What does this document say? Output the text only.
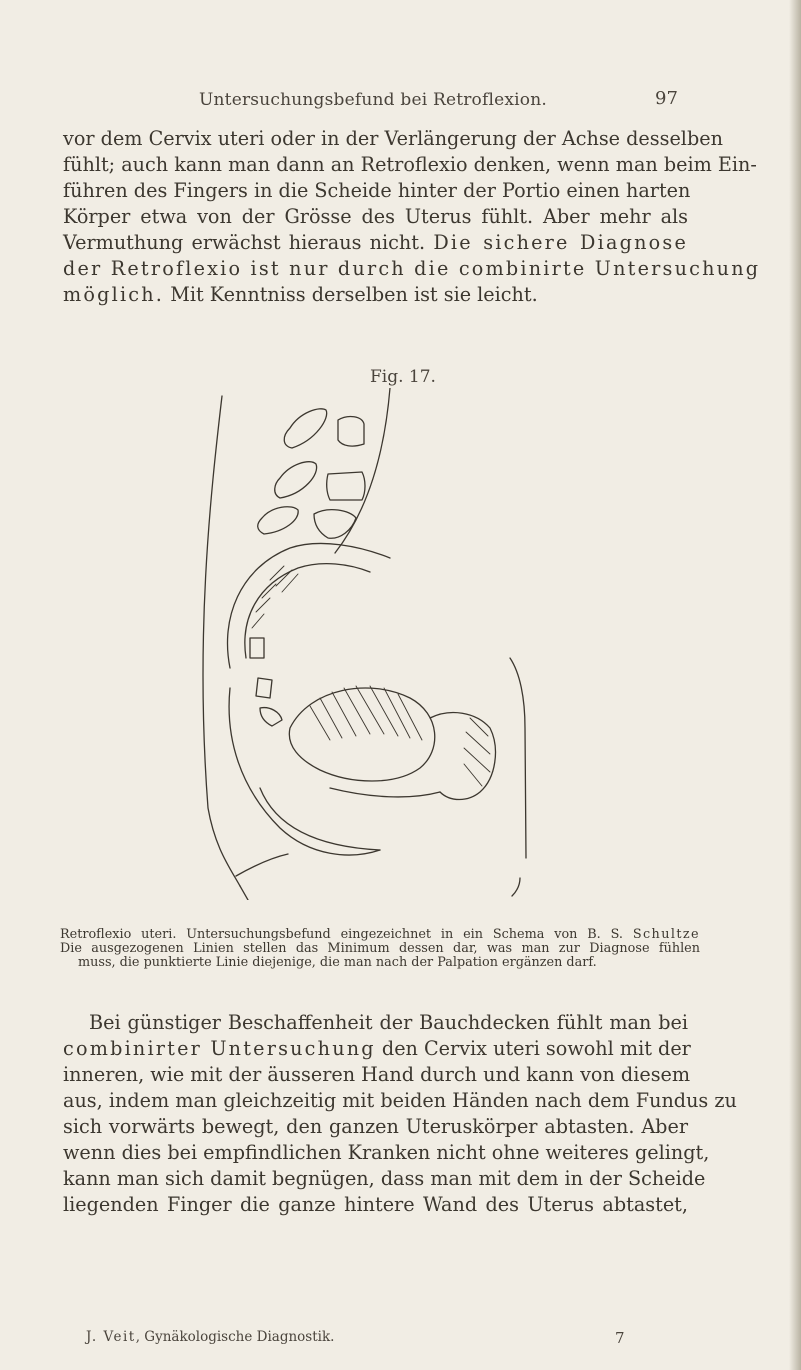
Untersuchungsbefund bei Retroflexion.	97
vor dem Cervix uteri oder in der Verlängerung der Achse desselben
fühlt; auch kann man dann an Retroflexio denken, wenn man beim Ein-
führen des Fingers in die Scheide hinter der Portio einen harten
Körper etwa von der Grösse des Uterus fühlt. Aber mehr als
Vermuthung erwächst hieraus nicht. Die sichere Diagnose
der Retroflexio ist nur durch die combinirte Untersuchung
möglich. Mit Kenntniss derselben ist sie leicht.
Fig. 17.
Retroflexio uteri. Untersuchungsbefund eingezeichnet in ein Schema von B. S. Schultze
Die ausgezogenen Linien stellen das Minimum dessen dar, was man zur Diagnose fühlen
muss, die punktierte Linie diejenige, die man nach der Palpation ergänzen darf.
Bei günstiger Beschaffenheit der Bauchdecken fühlt man bei
combinirter Untersuchung den Cervix uteri sowohl mit der
inneren, wie mit der äusseren Hand durch und kann von diesem
aus, indem man gleichzeitig mit beiden Händen nach dem Fundus zu
sich vorwärts bewegt, den ganzen Uteruskörper abtasten. Aber
wenn dies bei empfindlichen Kranken nicht ohne weiteres gelingt,
kann man sich damit begnügen, dass man mit dem in der Scheide
liegenden Finger die ganze hintere Wand des Uterus abtastet,
J. Veit, Gynäkologische Diagnostik.	7
